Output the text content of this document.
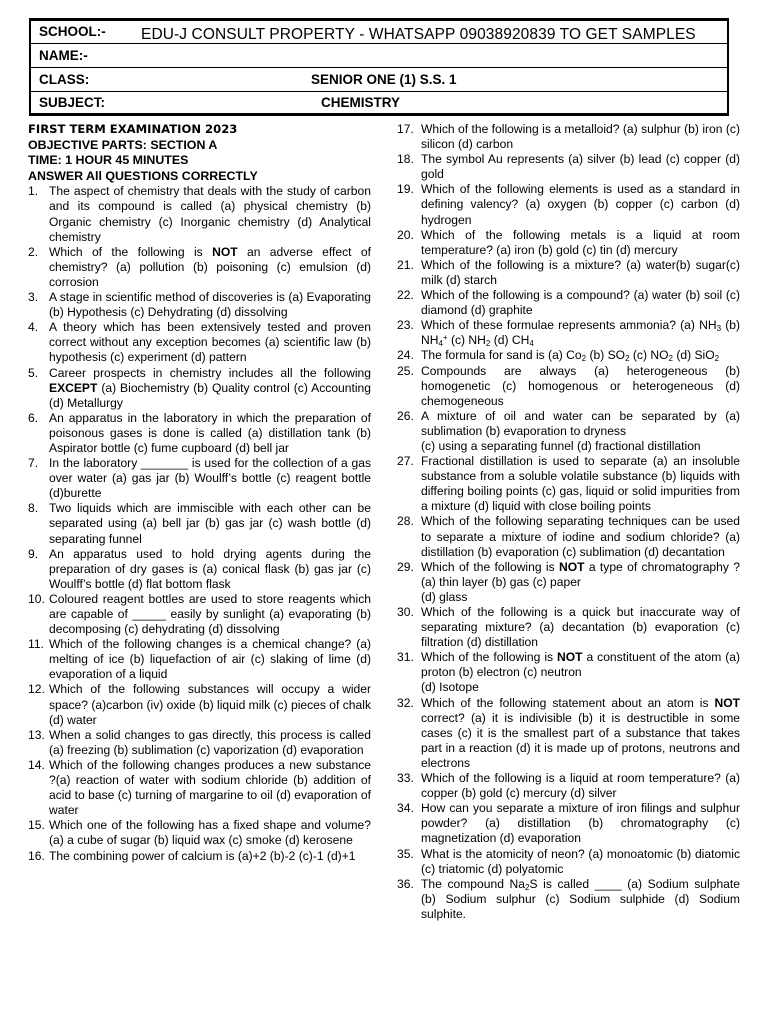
SCHOOL:- EDU-J CONSULT PROPERTY - WHATSAPP 09038920839 TO GET SAMPLES
NAME:-
CLASS:	SENIOR ONE (1) S.S. 1
SUBJECT:	CHEMISTRY
FIRST TERM EXAMINATION 2023
OBJECTIVE PARTS: SECTION A
TIME: 1 HOUR 45 MINUTES
ANSWER All QUESTIONS CORRECTLY
1. The aspect of chemistry that deals with the study of carbon and its compound is called (a) physical chemistry (b) Organic chemistry (c) Inorganic chemistry (d) Analytical chemistry
2. Which of the following is NOT an adverse effect of chemistry? (a) pollution (b) poisoning (c) emulsion (d) corrosion
3. A stage in scientific method of discoveries is (a) Evaporating (b) Hypothesis (c) Dehydrating (d) dissolving
4. A theory which has been extensively tested and proven correct without any exception becomes (a) scientific law (b) hypothesis (c) experiment (d) pattern
5. Career prospects in chemistry includes all the following EXCEPT (a) Biochemistry (b) Quality control (c) Accounting (d) Metallurgy
6. An apparatus in the laboratory in which the preparation of poisonous gases is done is called (a) distillation tank (b) Aspirator bottle (c) fume cupboard (d) bell jar
7. In the laboratory _______ is used for the collection of a gas over water (a) gas jar (b) Woulff’s bottle (c) reagent bottle (d)burette
8. Two liquids which are immiscible with each other can be separated using (a) bell jar (b) gas jar (c) wash bottle (d) separating funnel
9. An apparatus used to hold drying agents during the preparation of dry gases is (a) conical flask (b) gas jar (c) Woulff’s bottle (d) flat bottom flask
10. Coloured reagent bottles are used to store reagents which are capable of _____ easily by sunlight (a) evaporating (b) decomposing (c) dehydrating (d) dissolving
11. Which of the following changes is a chemical change? (a) melting of ice (b) liquefaction of air (c) slaking of lime (d) evaporation of a liquid
12. Which of the following substances will occupy a wider space? (a)carbon (iv) oxide (b) liquid milk (c) pieces of chalk (d) water
13. When a solid changes to gas directly, this process is called (a) freezing (b) sublimation (c) vaporization (d) evaporation
14. Which of the following changes produces a new substance ?(a) reaction of water with sodium chloride (b) addition of acid to base (c) turning of margarine to oil (d) evaporation of water
15. Which one of the following has a fixed shape and volume? (a) a cube of sugar (b) liquid wax (c) smoke (d) kerosene
16. The combining power of calcium is (a)+2 (b)-2 (c)-1 (d)+1
17. Which of the following is a metalloid? (a) sulphur (b) iron (c) silicon (d) carbon
18. The symbol Au represents (a) silver (b) lead (c) copper (d) gold
19. Which of the following elements is used as a standard in defining valency? (a) oxygen (b) copper (c) carbon (d) hydrogen
20. Which of the following metals is a liquid at room temperature? (a) iron (b) gold (c) tin (d) mercury
21. Which of the following is a mixture? (a) water(b) sugar(c) milk (d) starch
22. Which of the following is a compound? (a) water (b) soil (c) diamond (d) graphite
23. Which of these formulae represents ammonia? (a) $NH_3$ (b) $NH_4^+$ (c) $NH_2$ (d) $CH_4$
24. The formula for sand is (a) $Co_2$ (b) $SO_2$ (c) $NO_2$ (d) SiO$_2$
25. Compounds are always (a) heterogeneous (b) homogenetic (c) homogenous or heterogeneous (d) chemogeneous
26. A mixture of oil and water can be separated by (a) sublimation (b) evaporation to dryness
(c) using a separating funnel (d) fractional distillation
27. Fractional distillation is used to separate (a) an insoluble substance from a soluble volatile substance (b) liquids with differing boiling points (c) gas, liquid or solid impurities from a mixture (d) liquid with close boiling points
28. Which of the following separating techniques can be used to separate a mixture of iodine and sodium chloride? (a) distillation (b) evaporation (c) sublimation (d) decantation
29. Which of the following is NOT a type of chromatography ?(a) thin layer (b) gas (c) paper
(d) glass
30. Which of the following is a quick but inaccurate way of separating mixture? (a) decantation (b) evaporation (c) filtration (d) distillation
31. Which of the following is NOT a constituent of the atom (a) proton (b) electron (c) neutron
(d) Isotope
32. Which of the following statement about an atom is NOT correct? (a) it is indivisible (b) it is destructible in some cases (c) it is the smallest part of a substance that takes part in a reaction (d) it is made up of protons, neutrons and electrons
33. Which of the following is a liquid at room temperature? (a) copper (b) gold (c) mercury (d) silver
34. How can you separate a mixture of iron filings and sulphur powder? (a) distillation (b) chromatography (c) magnetization (d) evaporation
35. What is the atomicity of neon? (a) monoatomic (b) diatomic (c) triatomic (d) polyatomic
36. The compound $Na_2S$ is called ____ (a) Sodium sulphate (b) Sodium sulphur (c) Sodium sulphide (d) Sodium sulphite.
